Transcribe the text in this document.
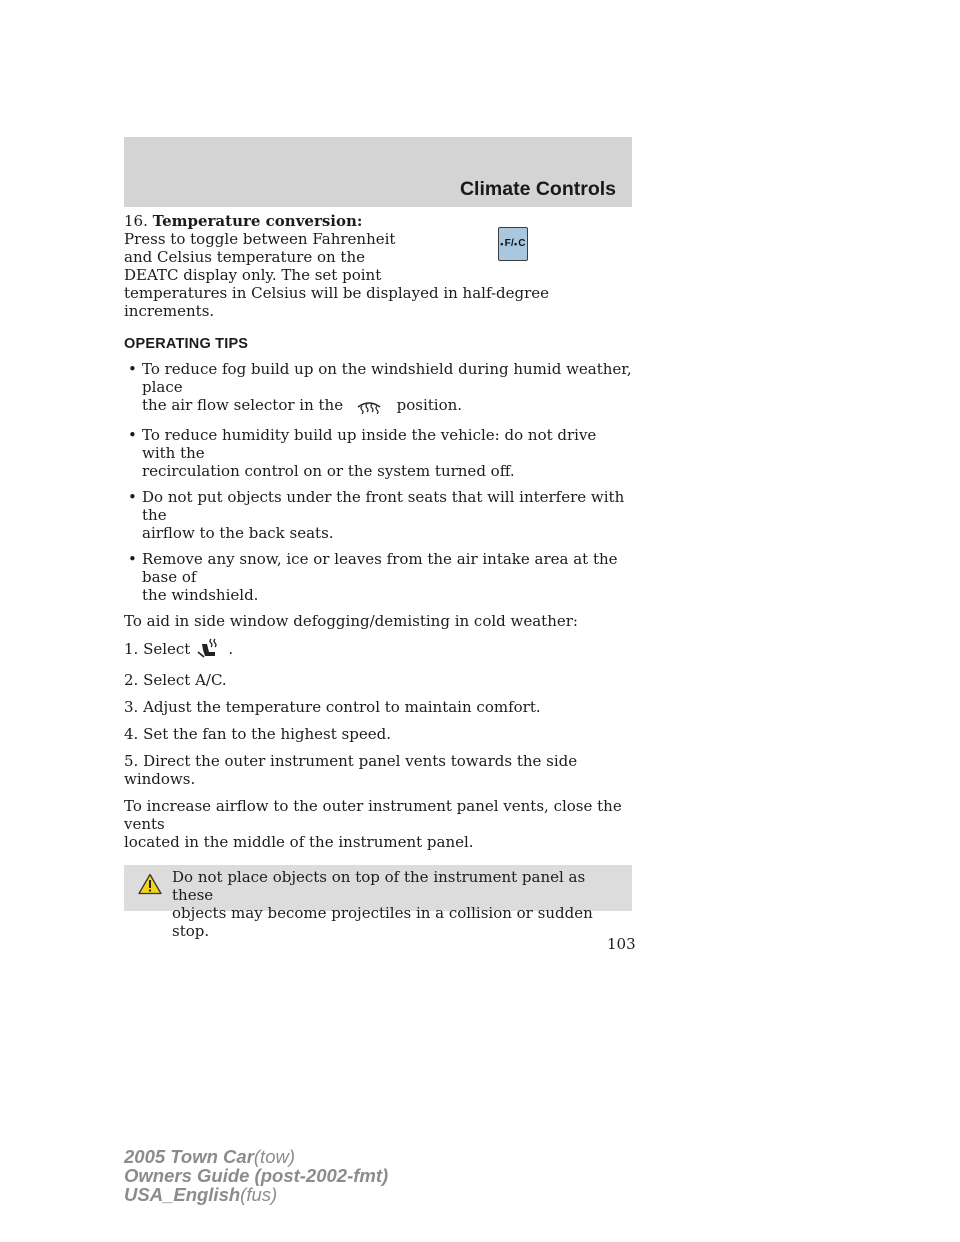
Climate Controls
16. Temperature conversion:
Press to toggle between Fahrenheit
and Celsius temperature on the
DEATC display only. The set point
temperatures in Celsius will be displayed in half-degree increments.
• F/ • C
OPERATING TIPS
• To reduce fog build up on the windshield during humid weather, place
the air flow selector in the	position.
• To reduce humidity build up inside the vehicle: do not drive with the
recirculation control on or the system turned off.
• Do not put objects under the front seats that will interfere with the
airflow to the back seats.
• Remove any snow, ice or leaves from the air intake area at the base of
the windshield.

To aid in side window defogging/demisting in cold weather:

1. Select	.
2. Select A/C.
3. Adjust the temperature control to maintain comfort.
4. Set the fan to the highest speed.
5. Direct the outer instrument panel vents towards the side windows.
To increase airflow to the outer instrument panel vents, close the vents
located in the middle of the instrument panel.
Do not place objects on top of the instrument panel as these
objects may become projectiles in a collision or sudden stop.
103
2005 Town Car(tow)
Owners Guide (post-2002-fmt)
USA_English(fus)
